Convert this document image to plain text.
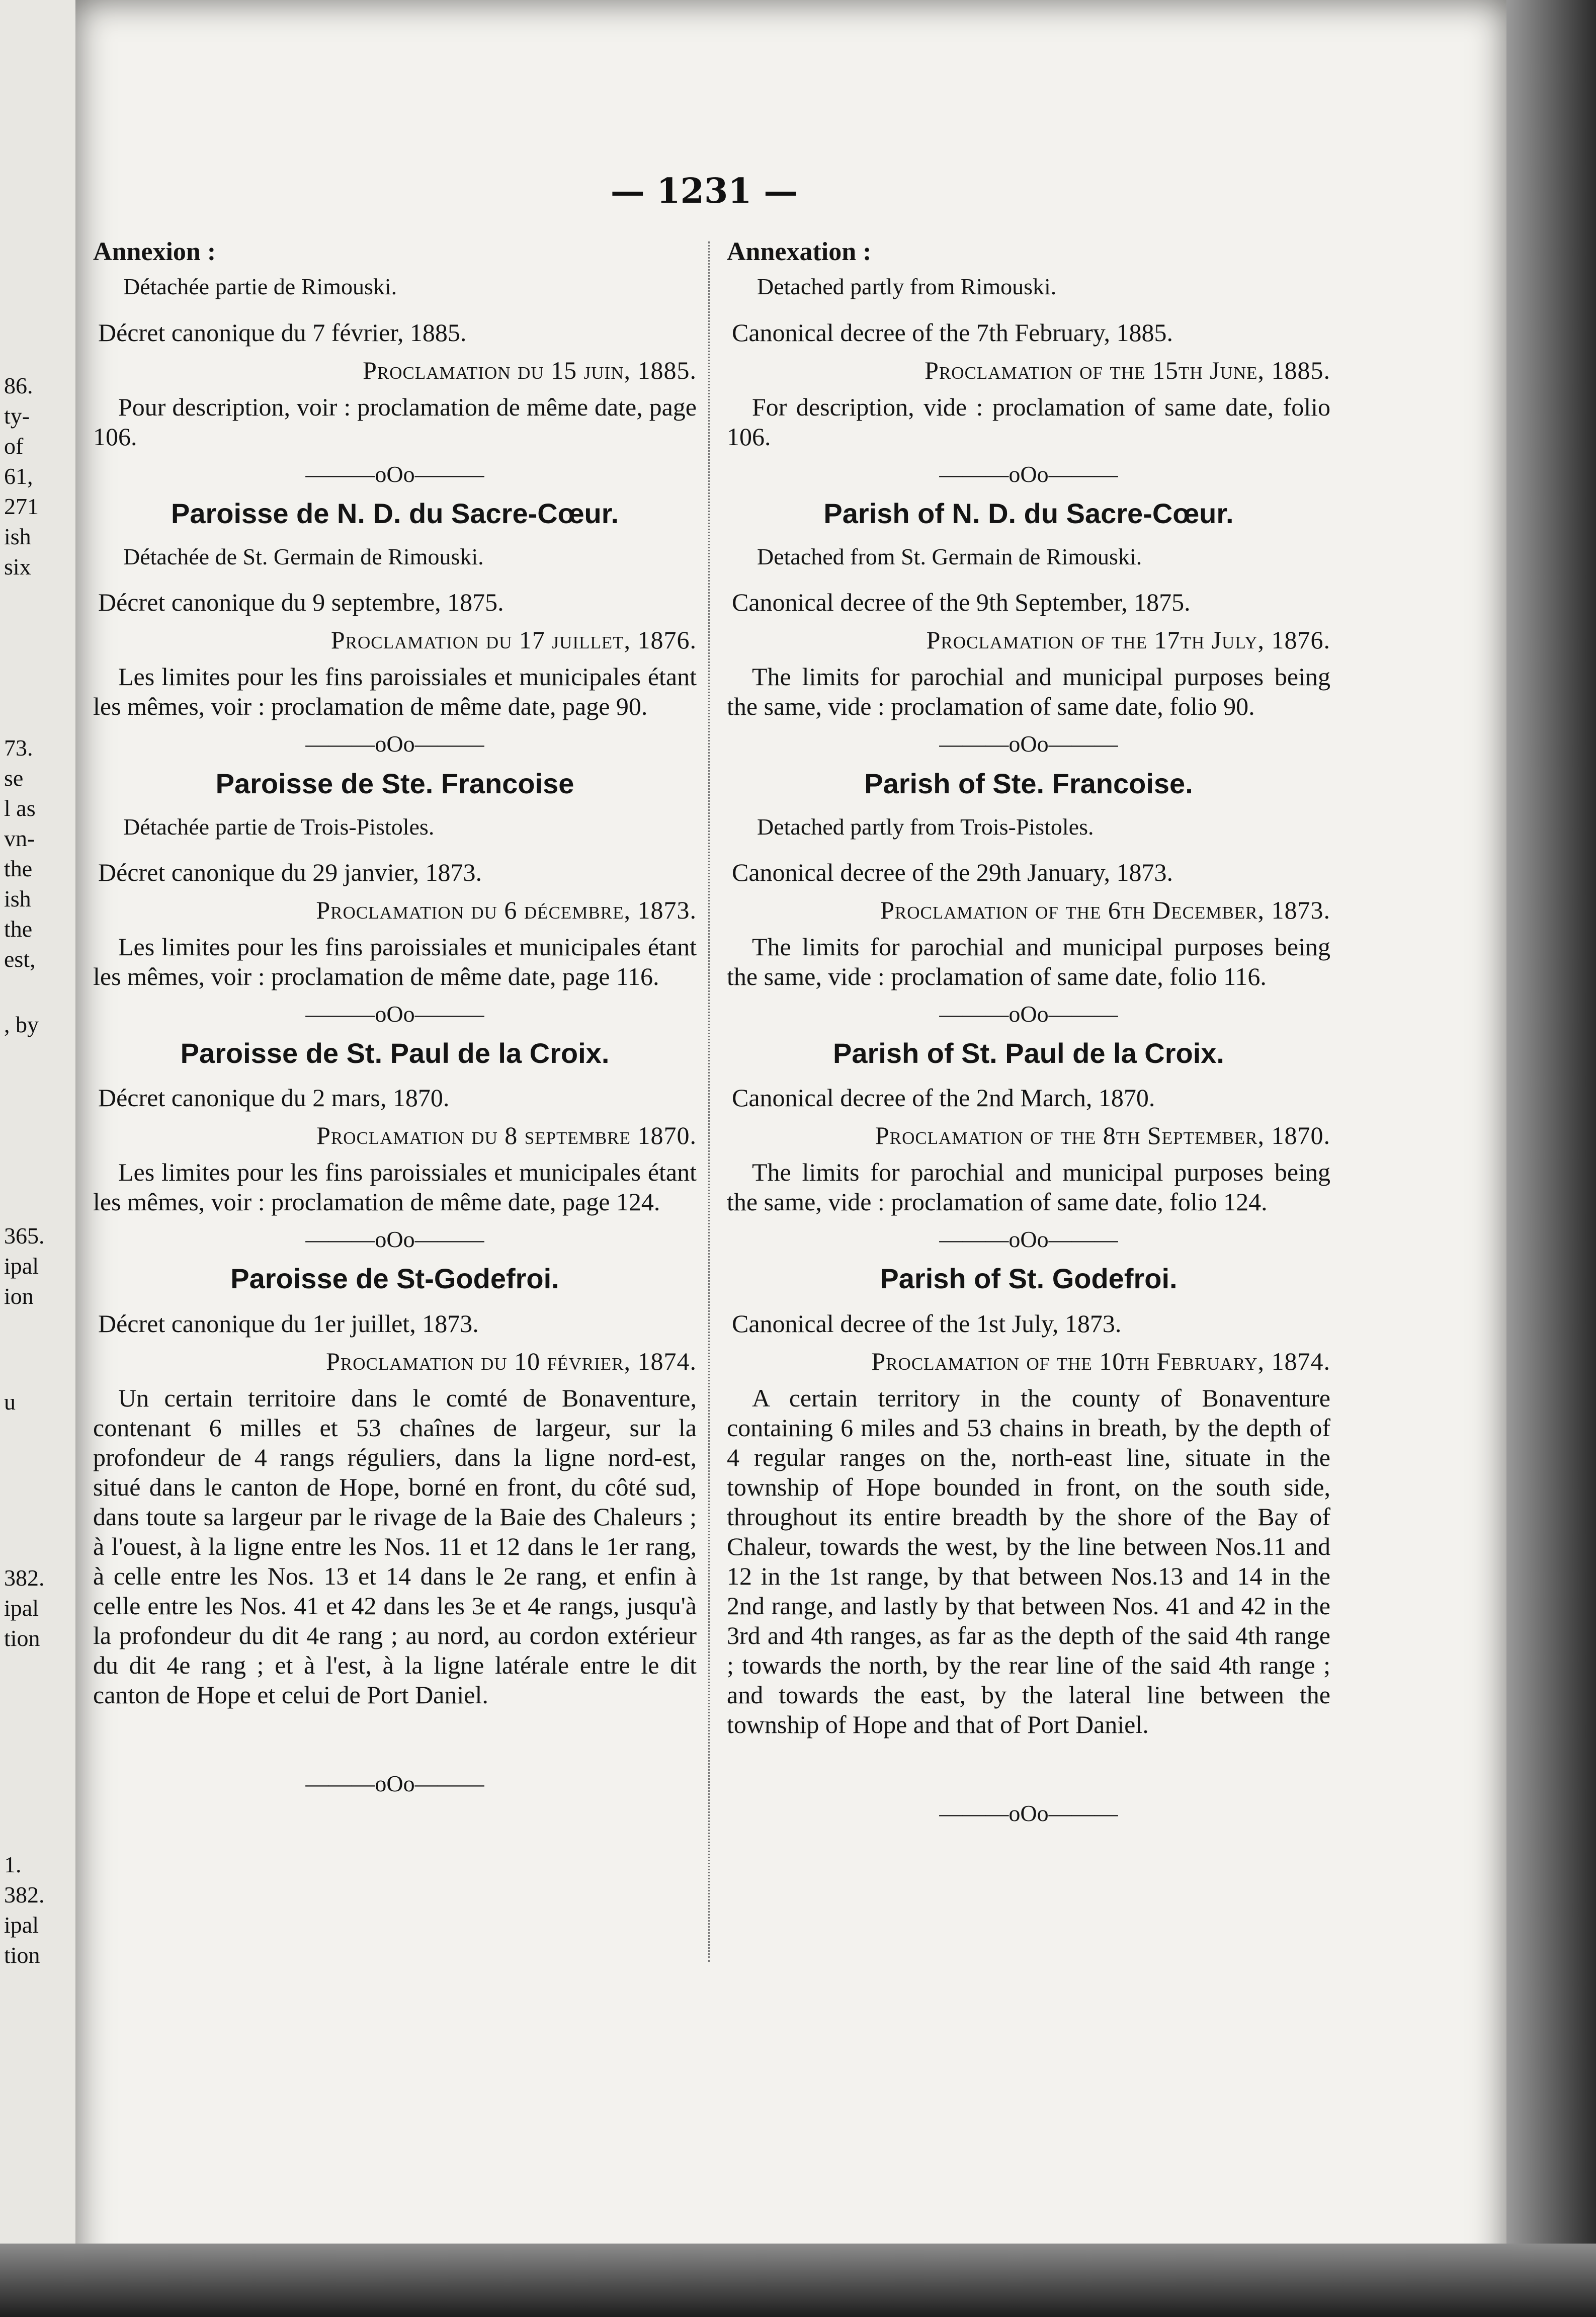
86.
ty-
of
61,
271
ish
six
73.
se
l as
vn-
the
ish
the
est,
, by
365.
ipal
ion
u
382.
ipal
tion
1.
382.
ipal
tion
— 1231 —

Annexion :

Détachée partie de Rimouski.

Décret canonique du 7 février, 1885.

Proclamation du 15 juin, 1885.

Pour description, voir : proclamation de même date, page 106.

———oOo———

Paroisse de N. D. du Sacre-Cœur.

Détachée de St. Germain de Rimouski.

Décret canonique du 9 septembre, 1875.

Proclamation du 17 juillet, 1876.

Les limites pour les fins paroissiales et municipales étant les mêmes, voir : proclamation de même date, page 90.

———oOo———

Paroisse de Ste. Francoise

Détachée partie de Trois-Pistoles.

Décret canonique du 29 janvier, 1873.

Proclamation du 6 décembre, 1873.

Les limites pour les fins paroissiales et municipales étant les mêmes, voir : proclamation de même date, page 116.

———oOo———

Paroisse de St. Paul de la Croix.

Décret canonique du 2 mars, 1870.

Proclamation du 8 septembre 1870.

Les limites pour les fins paroissiales et municipales étant les mêmes, voir : proclamation de même date, page 124.

———oOo———

Paroisse de St-Godefroi.

Décret canonique du 1er juillet, 1873.

Proclamation du 10 février, 1874.

Un certain territoire dans le comté de Bonaventure, contenant 6 milles et 53 chaînes de largeur, sur la profondeur de 4 rangs réguliers, dans la ligne nord-est, situé dans le canton de Hope, borné en front, du côté sud, dans toute sa largeur par le rivage de la Baie des Chaleurs ; à l'ouest, à la ligne entre les Nos. 11 et 12 dans le 1er rang, à celle entre les Nos. 13 et 14 dans le 2e rang, et enfin à celle entre les Nos. 41 et 42 dans les 3e et 4e rangs, jusqu'à la profondeur du dit 4e rang ; au nord, au cordon extérieur du dit 4e rang ; et à l'est, à la ligne latérale entre le dit canton de Hope et celui de Port Daniel.

———oOo———

Annexation :

Detached partly from Rimouski.

Canonical decree of the 7th February, 1885.

Proclamation of the 15th June, 1885.

For description, vide : proclamation of same date, folio 106.

———oOo———

Parish of N. D. du Sacre-Cœur.

Detached from St. Germain de Rimouski.

Canonical decree of the 9th September, 1875.

Proclamation of the 17th July, 1876.

The limits for parochial and municipal purposes being the same, vide : proclamation of same date, folio 90.

———oOo———

Parish of Ste. Francoise.

Detached partly from Trois-Pistoles.

Canonical decree of the 29th January, 1873.

Proclamation of the 6th December, 1873.

The limits for parochial and municipal purposes being the same, vide : proclamation of same date, folio 116.

———oOo———

Parish of St. Paul de la Croix.

Canonical decree of the 2nd March, 1870.

Proclamation of the 8th September, 1870.

The limits for parochial and municipal purposes being the same, vide : proclamation of same date, folio 124.

———oOo———

Parish of St. Godefroi.

Canonical decree of the 1st July, 1873.

Proclamation of the 10th February, 1874.

A certain territory in the county of Bonaventure containing 6 miles and 53 chains in breath, by the depth of 4 regular ranges on the, north-east line, situate in the township of Hope bounded in front, on the south side, throughout its entire breadth by the shore of the Bay of Chaleur, towards the west, by the line between Nos.11 and 12 in the 1st range, by that between Nos.13 and 14 in the 2nd range, and lastly by that between Nos. 41 and 42 in the 3rd and 4th ranges, as far as the depth of the said 4th range ; towards the north, by the rear line of the said 4th range ; and towards the east, by the lateral line between the township of Hope and that of Port Daniel.

———oOo———
